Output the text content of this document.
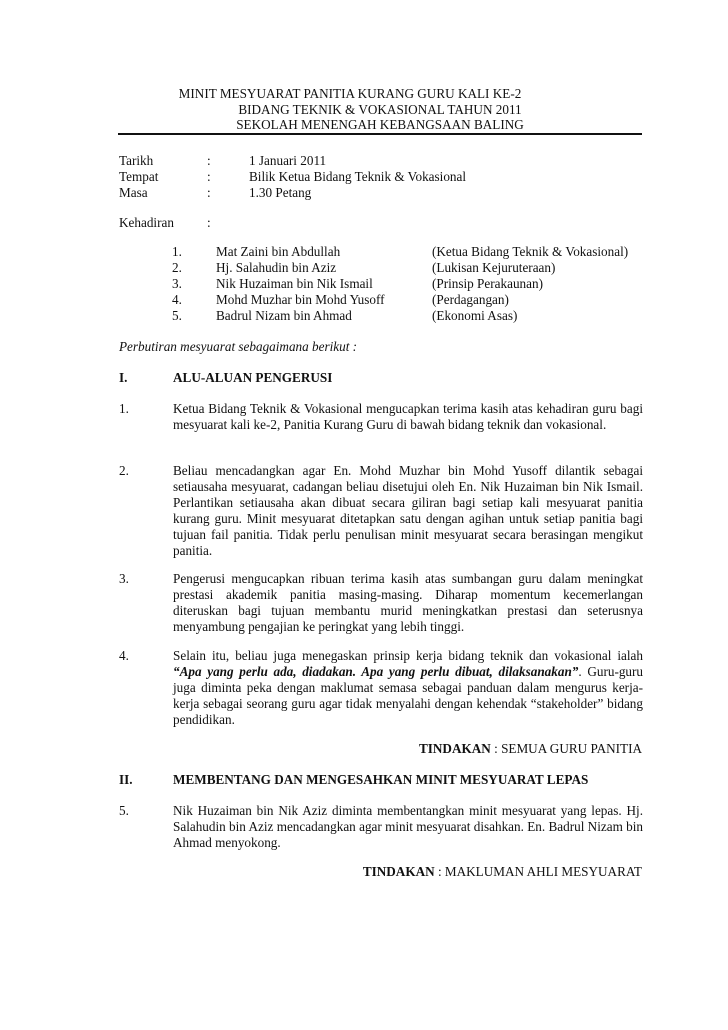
MINIT MESYUARAT PANITIA KURANG GURU KALI KE-2
BIDANG TEKNIK & VOKASIONAL TAHUN 2011
SEKOLAH MENENGAH KEBANGSAAN BALING
Tarikh	:	1 Januari 2011
Tempat	:	Bilik Ketua Bidang Teknik & Vokasional
Masa	:	1.30 Petang
Kehadiran	:
1.	Mat Zaini bin Abdullah	(Ketua Bidang Teknik & Vokasional)
2.	Hj. Salahudin bin Aziz	(Lukisan Kejuruteraan)
3.	Nik Huzaiman bin Nik Ismail	(Prinsip Perakaunan)
4.	Mohd Muzhar bin Mohd Yusoff	(Perdagangan)
5.	Badrul Nizam bin Ahmad	(Ekonomi Asas)
Perbutiran mesyuarat sebagaimana berikut :
I.	ALU-ALUAN PENGERUSI
1.	Ketua Bidang Teknik & Vokasional mengucapkan terima kasih atas kehadiran guru bagi mesyuarat kali ke-2, Panitia Kurang Guru di bawah bidang teknik dan vokasional.
2.	Beliau mencadangkan agar En. Mohd Muzhar bin Mohd Yusoff dilantik sebagai setiausaha mesyuarat, cadangan beliau disetujui oleh En. Nik Huzaiman bin Nik Ismail. Perlantikan setiausaha akan dibuat secara giliran bagi setiap kali mesyuarat panitia kurang guru. Minit mesyuarat ditetapkan satu dengan agihan untuk setiap panitia bagi tujuan fail panitia. Tidak perlu penulisan minit mesyuarat secara berasingan mengikut panitia.
3.	Pengerusi mengucapkan ribuan terima kasih atas sumbangan guru dalam meningkat prestasi akademik panitia masing-masing. Diharap momentum kecemerlangan diteruskan bagi tujuan membantu murid meningkatkan prestasi dan seterusnya menyambung pengajian ke peringkat yang lebih tinggi.
4.	Selain itu, beliau juga menegaskan prinsip kerja bidang teknik dan vokasional ialah “Apa yang perlu ada, diadakan. Apa yang perlu dibuat, dilaksanakan”. Guru-guru juga diminta peka dengan maklumat semasa sebagai panduan dalam mengurus kerja-kerja sebagai seorang guru agar tidak menyalahi dengan kehendak “stakeholder” bidang pendidikan.
TINDAKAN : SEMUA GURU PANITIA
II.	MEMBENTANG DAN MENGESAHKAN MINIT MESYUARAT LEPAS
5.	Nik Huzaiman bin Nik Aziz diminta membentangkan minit mesyuarat yang lepas. Hj. Salahudin bin Aziz mencadangkan agar minit mesyuarat disahkan. En. Badrul Nizam bin Ahmad menyokong.
TINDAKAN : MAKLUMAN AHLI MESYUARAT
